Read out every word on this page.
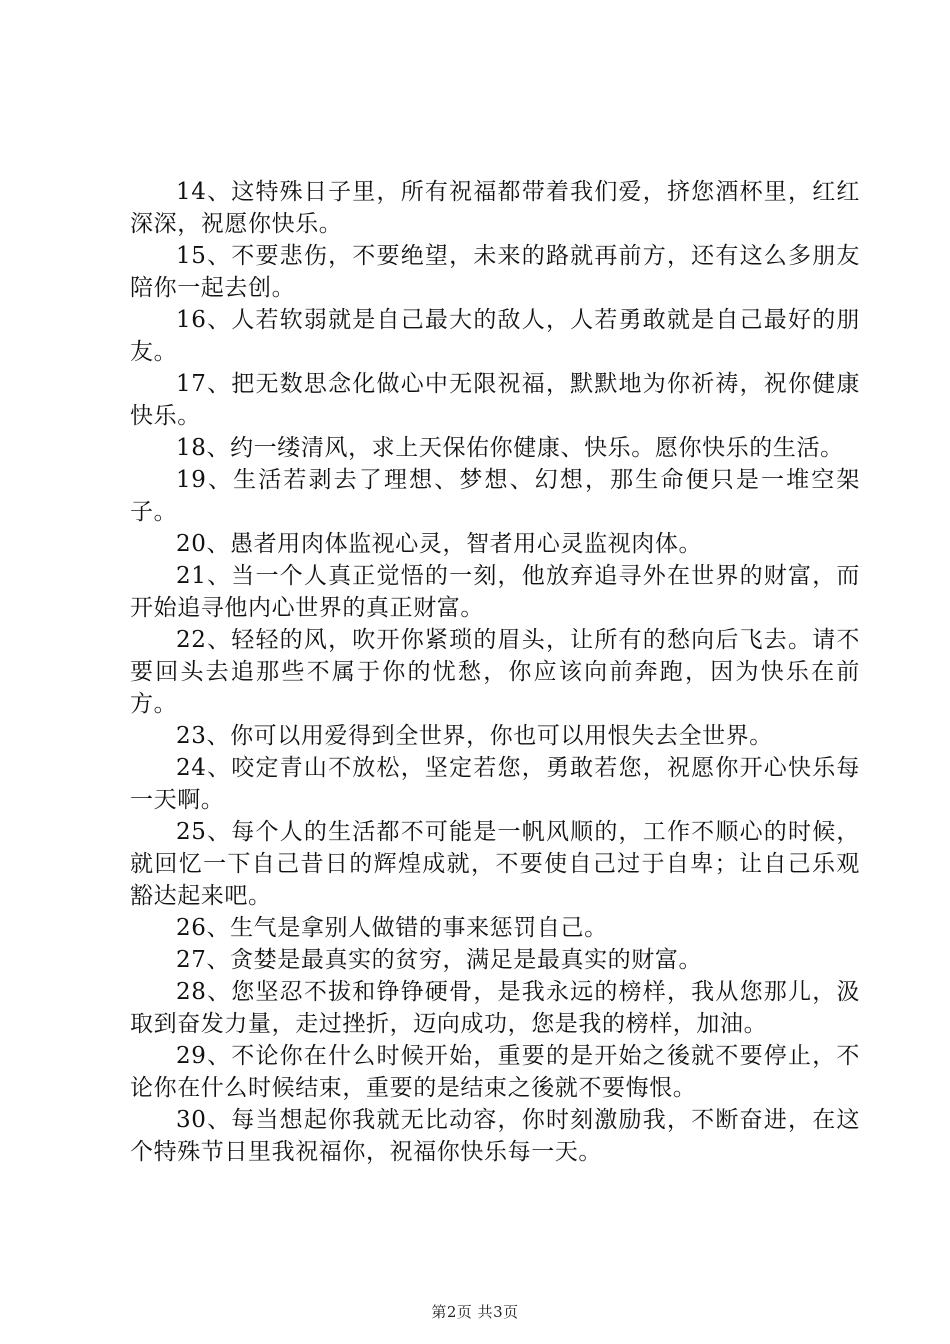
14、这特殊日子里，所有祝福都带着我们爱，挤您酒杯里，红红深深，祝愿你快乐。

15、不要悲伤，不要绝望，未来的路就再前方，还有这么多朋友陪你一起去创。

16、人若软弱就是自己最大的敌人，人若勇敢就是自己最好的朋友。

17、把无数思念化做心中无限祝福，默默地为你祈祷，祝你健康快乐。

18、约一缕清风，求上天保佑你健康、快乐。愿你快乐的生活。

19、生活若剥去了理想、梦想、幻想，那生命便只是一堆空架子。

20、愚者用肉体监视心灵，智者用心灵监视肉体。

21、当一个人真正觉悟的一刻，他放弃追寻外在世界的财富，而开始追寻他内心世界的真正财富。

22、轻轻的风，吹开你紧琐的眉头，让所有的愁向后飞去。请不要回头去追那些不属于你的忧愁，你应该向前奔跑，因为快乐在前方。

23、你可以用爱得到全世界，你也可以用恨失去全世界。

24、咬定青山不放松，坚定若您，勇敢若您，祝愿你开心快乐每一天啊。

25、每个人的生活都不可能是一帆风顺的，工作不顺心的时候，就回忆一下自己昔日的辉煌成就，不要使自己过于自卑；让自己乐观豁达起来吧。

26、生气是拿别人做错的事来惩罚自己。

27、贪婪是最真实的贫穷，满足是最真实的财富。

28、您坚忍不拔和铮铮硬骨，是我永远的榜样，我从您那儿，汲取到奋发力量，走过挫折，迈向成功，您是我的榜样，加油。

29、不论你在什么时候开始，重要的是开始之後就不要停止，不论你在什么时候结束，重要的是结束之後就不要悔恨。

30、每当想起你我就无比动容，你时刻激励我，不断奋进，在这个特殊节日里我祝福你，祝福你快乐每一天。

第2页 共3页
